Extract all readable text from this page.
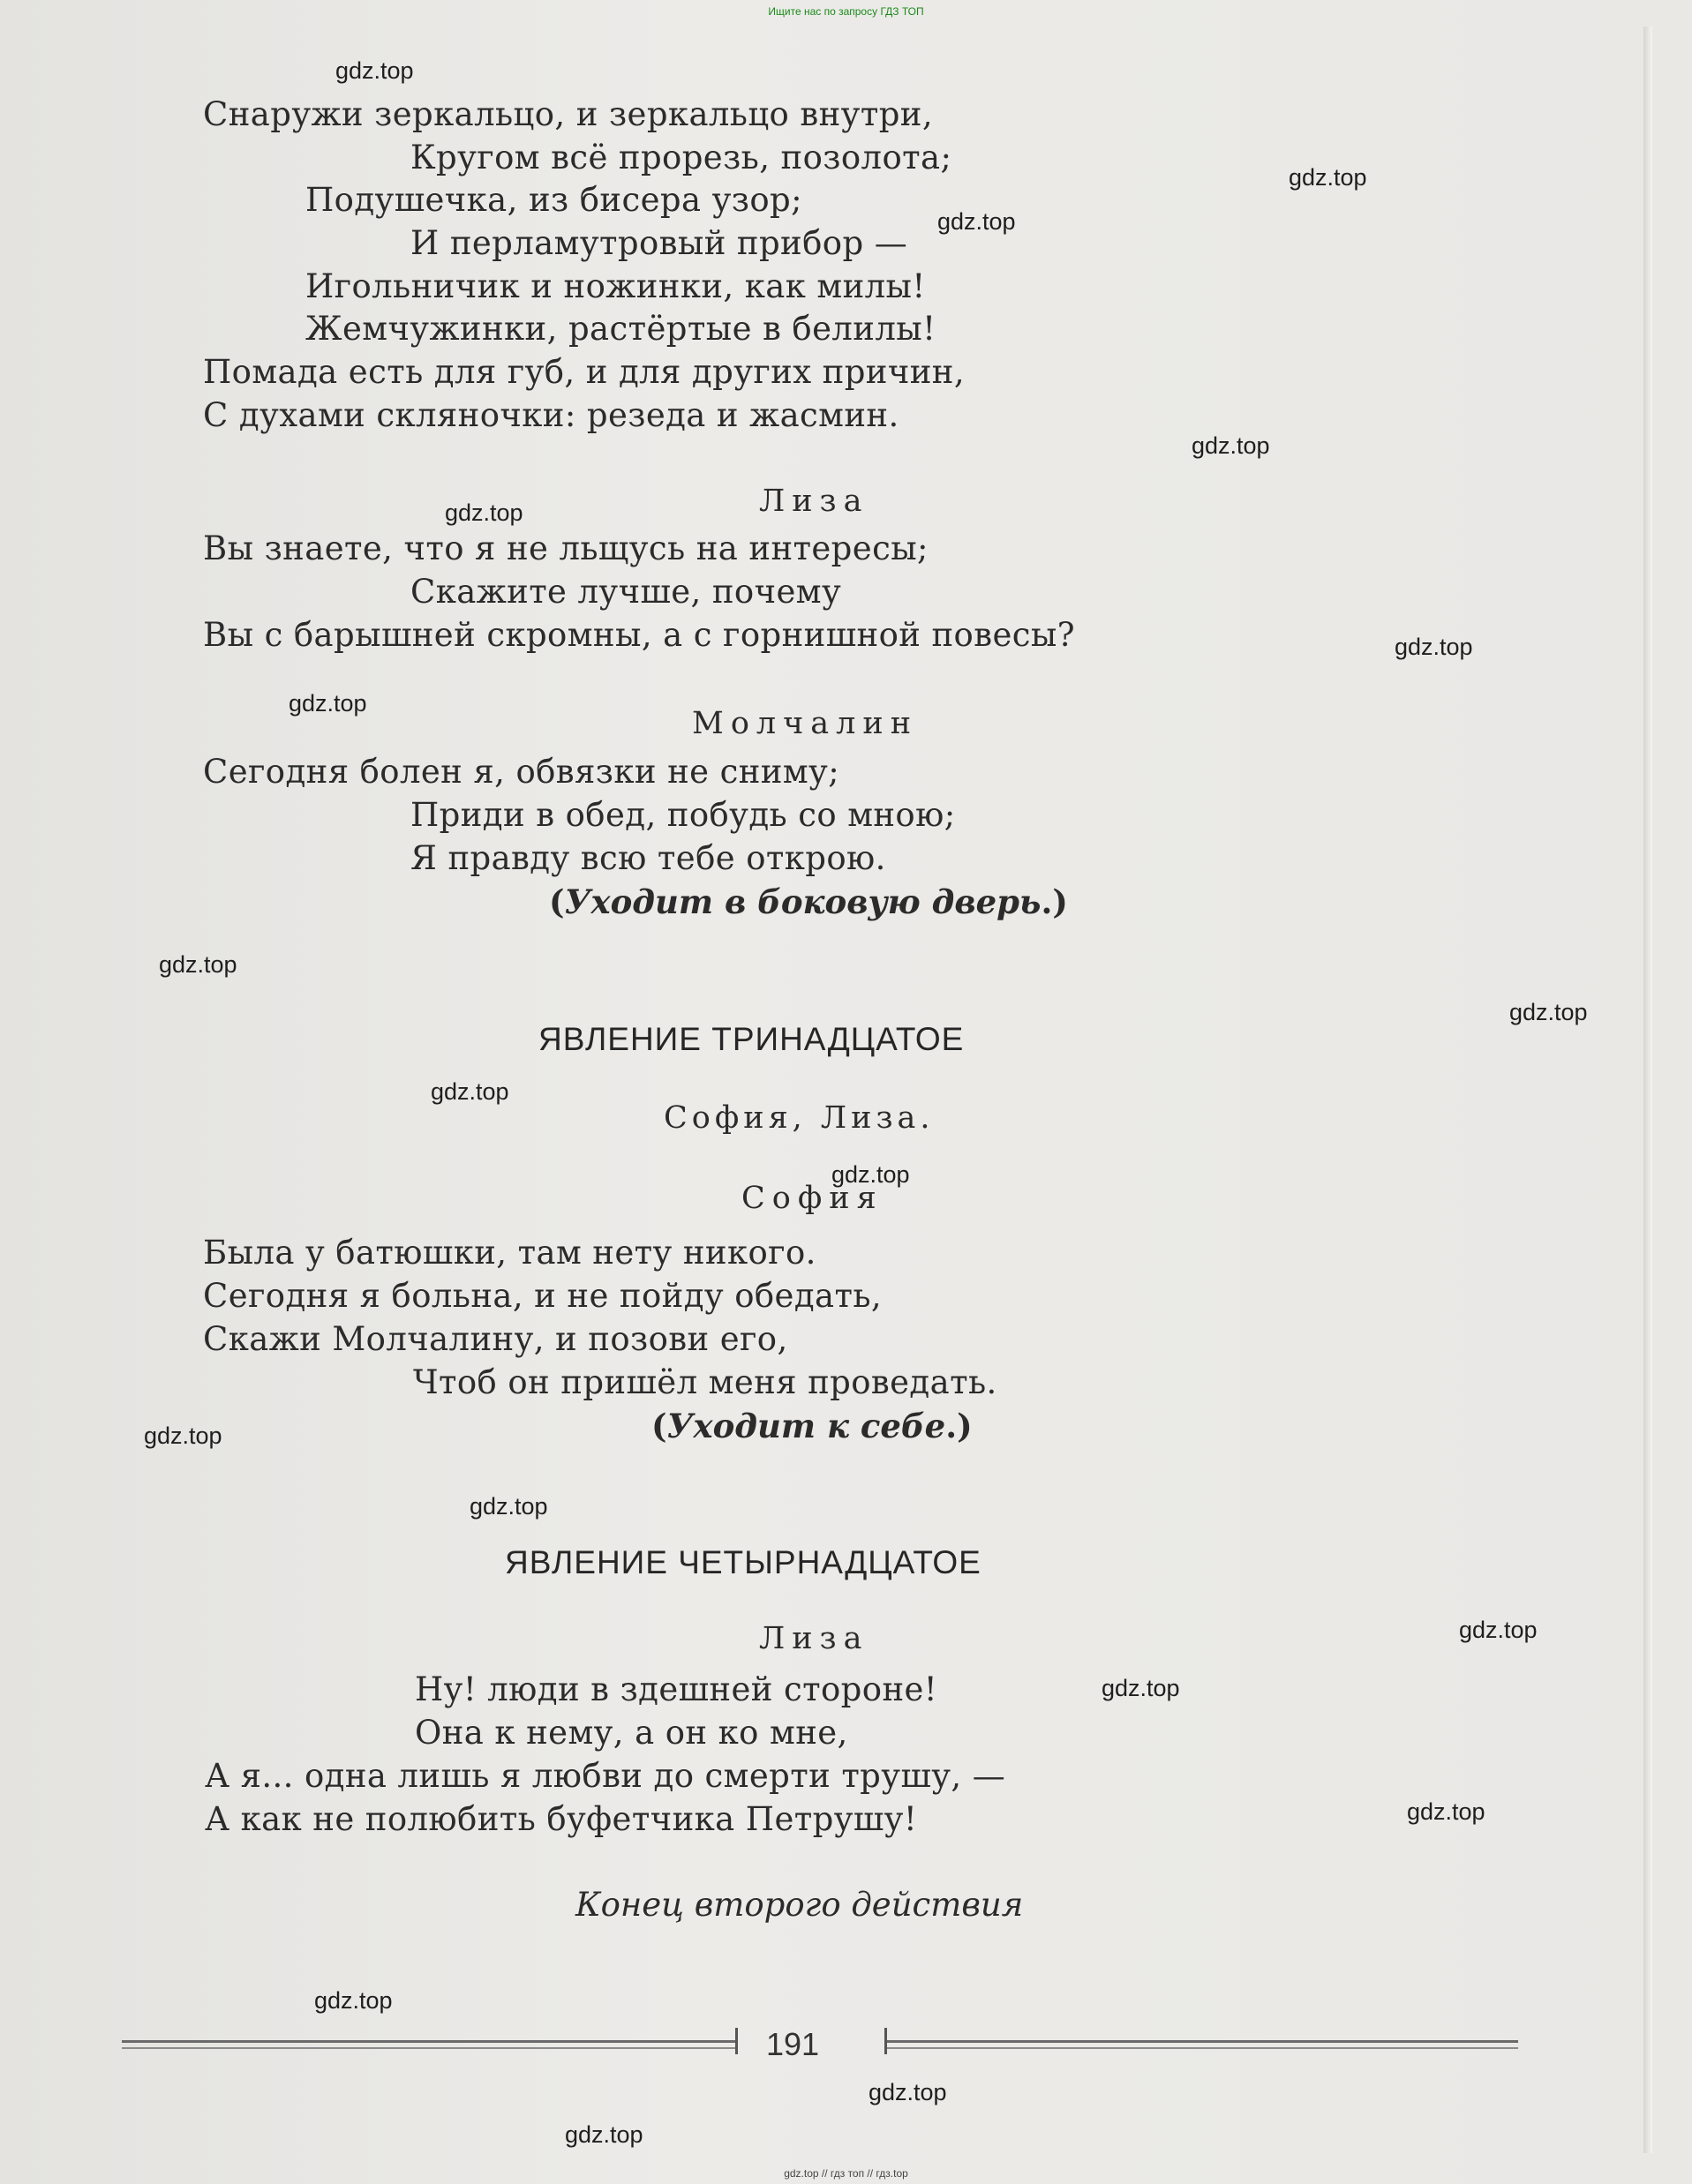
Ищите нас по запросу ГДЗ ТОП
Снаружи зеркальцо, и зеркальцо внутри,
Кругом всё прорезь, позолота;
Подушечка, из бисера узор;
И перламутровый прибор —
Игольничик и ножинки, как милы!
Жемчужинки, растёртые в белилы!
Помада есть для губ, и для других причин,
С духами скляночки: резеда и жасмин.
Лиза
Вы знаете, что я не льщусь на интересы;
Скажите лучше, почему
Вы с барышней скромны, а с горнишной повесы?
Молчалин
Сегодня болен я, обвязки не сниму;
Приди в обед, побудь со мною;
Я правду всю тебе открою.
(Уходит в боковую дверь.)
ЯВЛЕНИЕ ТРИНАДЦАТОЕ
София, Лиза.
София
Была у батюшки, там нету никого.
Сегодня я больна, и не пойду обедать,
Скажи Молчалину, и позови его,
Чтоб он пришёл меня проведать.
(Уходит к себе.)
ЯВЛЕНИЕ ЧЕТЫРНАДЦАТОЕ
Лиза
Ну! люди в здешней стороне!
Она к нему, а он ко мне,
А я... одна лишь я любви до смерти трушу, —
А как не полюбить буфетчика Петрушу!
Конец второго действия
191
gdz.top
gdz.top
gdz.top
gdz.top
gdz.top
gdz.top
gdz.top
gdz.top
gdz.top
gdz.top
gdz.top
gdz.top
gdz.top
gdz.top
gdz.top
gdz.top
gdz.top
gdz.top
gdz.top
gdz.top // гдз топ // гдз.top
